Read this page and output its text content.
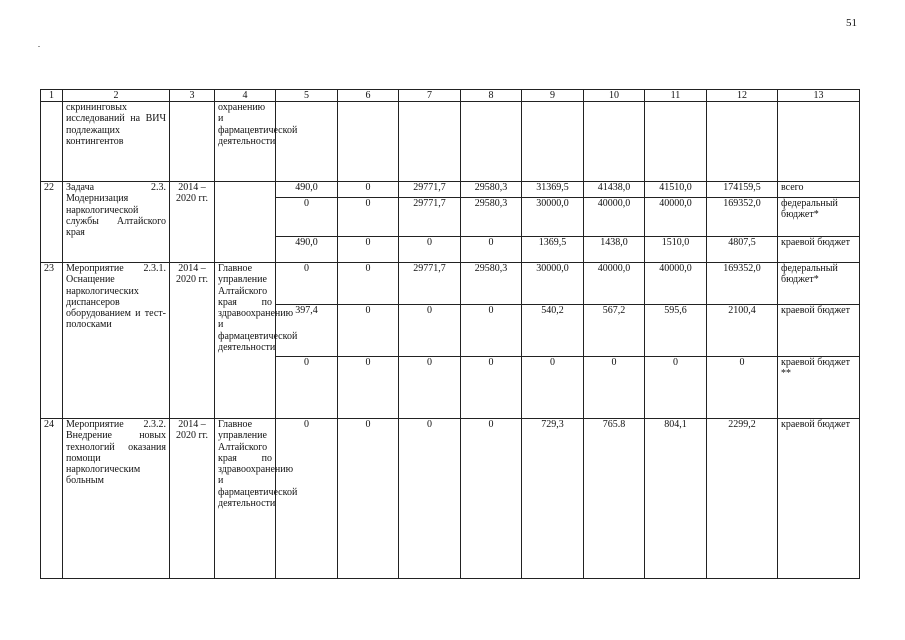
51
1	2	3	4	5	6	7	8	9	10	11	12	13
	скрининговых исследований на ВИЧ подлежащих контингентов		охранению и фармацевтической деятельности									
22	Задача 2.3. Модернизация наркологической службы Алтайского края	2014 – 2020 гг.		490,0	0	29771,7	29580,3	31369,5	41438,0	41510,0	174159,5	всего
				0	0	29771,7	29580,3	30000,0	40000,0	40000,0	169352,0	федеральный бюджет*
				490,0	0	0	0	1369,5	1438,0	1510,0	4807,5	краевой бюджет
23	Мероприятие 2.3.1. Оснащение наркологических диспансеров оборудованием и тест-полосками	2014 – 2020 гг.	Главное управление Алтайского края по здравоохранению и фармацевтической деятельности	0	0	29771,7	29580,3	30000,0	40000,0	40000,0	169352,0	федеральный бюджет*
				397,4	0	0	0	540,2	567,2	595,6	2100,4	краевой бюджет
				0	0	0	0	0	0	0	0	краевой бюджет **
24	Мероприятие 2.3.2. Внедрение новых технологий оказания помощи наркологическим больным	2014 – 2020 гг.	Главное управление Алтайского края по здравоохранению и фармацевтической деятельности	0	0	0	0	729,3	765.8	804,1	2299,2	краевой бюджет
